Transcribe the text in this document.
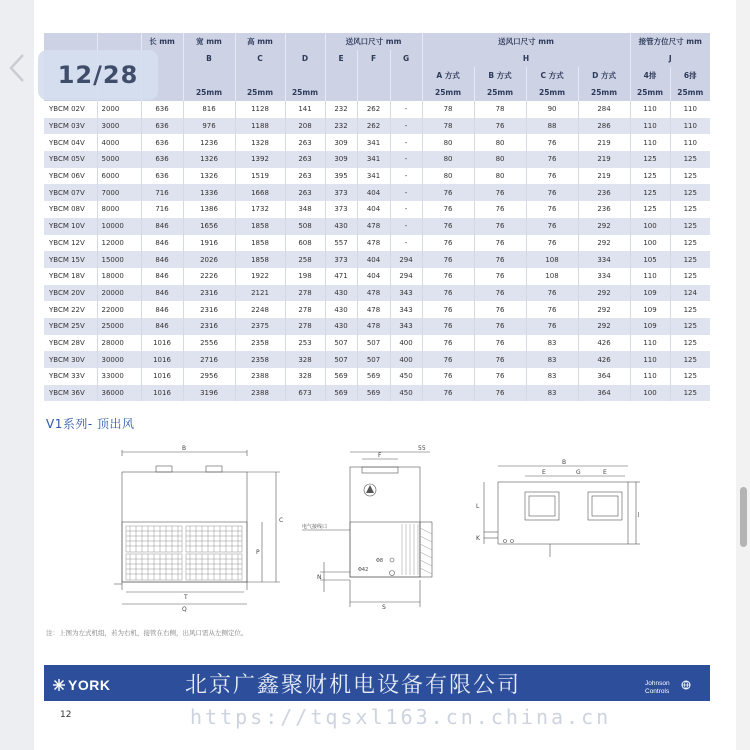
12/28
		长 mm	宽 mm	高 mm		送风口尺寸 mm			送风口尺寸 mm				接管方位尺寸 mm	
			B	C	D	E	F	G	H				J	
									A 方式	B 方式	C 方式	D 方式	4排	6排
			25mm	25mm	25mm				25mm	25mm	25mm	25mm	25mm	25mm
YBCM 02V	2000	636	816	1128	141	232	262	-	78	78	90	284	110	110
YBCM 03V	3000	636	976	1188	208	232	262	-	78	76	88	286	110	110
YBCM 04V	4000	636	1236	1328	263	309	341	-	80	80	76	219	110	110
YBCM 05V	5000	636	1326	1392	263	309	341	-	80	80	76	219	125	125
YBCM 06V	6000	636	1326	1519	263	395	341	-	80	80	76	219	125	125
YBCM 07V	7000	716	1336	1668	263	373	404	-	76	76	76	236	125	125
YBCM 08V	8000	716	1386	1732	348	373	404	-	76	76	76	236	125	125
YBCM 10V	10000	846	1656	1858	508	430	478	-	76	76	76	292	100	125
YBCM 12V	12000	846	1916	1858	608	557	478	-	76	76	76	292	100	125
YBCM 15V	15000	846	2026	1858	258	373	404	294	76	76	108	334	105	125
YBCM 18V	18000	846	2226	1922	198	471	404	294	76	76	108	334	110	125
YBCM 20V	20000	846	2316	2121	278	430	478	343	76	76	76	292	109	124
YBCM 22V	22000	846	2316	2248	278	430	478	343	76	76	76	292	109	125
YBCM 25V	25000	846	2316	2375	278	430	478	343	76	76	76	292	109	125
YBCM 28V	28000	1016	2556	2358	253	507	507	400	76	76	83	426	110	125
YBCM 30V	30000	1016	2716	2358	328	507	507	400	76	76	83	426	110	125
YBCM 33V	33000	1016	2956	2388	328	569	569	450	76	76	83	364	110	125
YBCM 36V	36000	1016	3196	2388	673	569	569	450	76	76	83	364	100	125
V1系列- 顶出风
B
T
Q
C
P
55
F
电气接线口
Φ8
Φ42
N
S
B
E	G	E
L
K
J
注：上图为左式机组，若为右机，接管在右侧，出风口需从左侧定位。
YORK	北京广鑫聚财机电设备有限公司	Johnson
Controls
12	https://tqsxl163.cn.china.cn
